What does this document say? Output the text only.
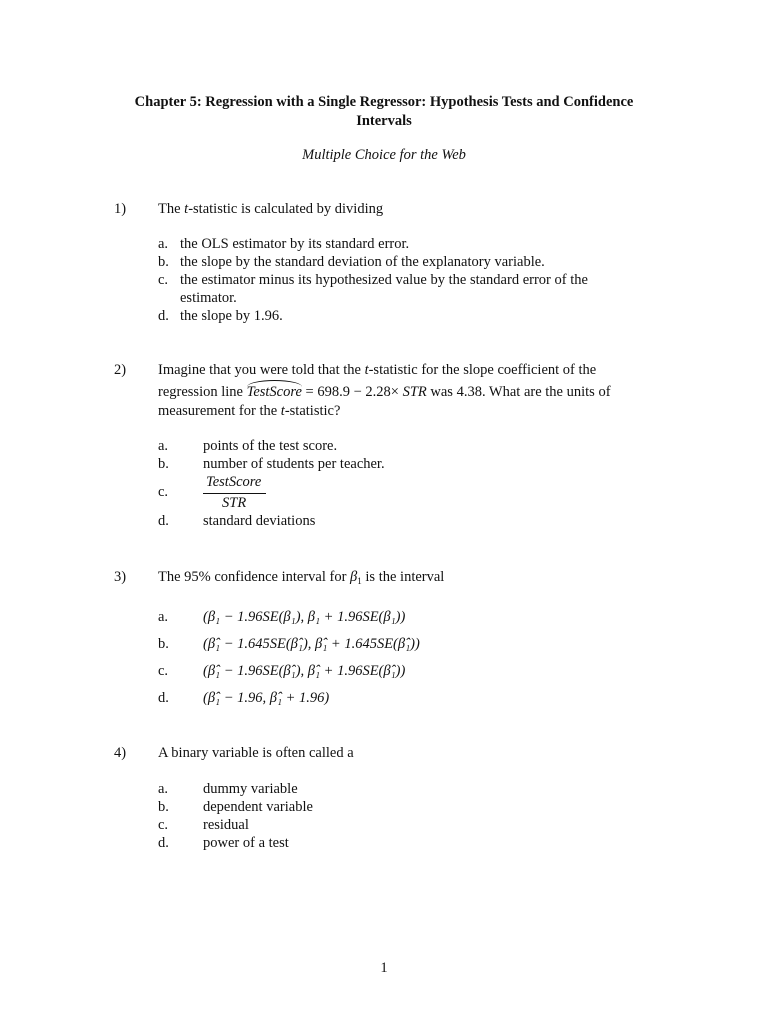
Chapter 5: Regression with a Single Regressor: Hypothesis Tests and Confidence
Intervals
Multiple Choice for the Web
1) The t-statistic is calculated by dividing
a. the OLS estimator by its standard error.
b. the slope by the standard deviation of the explanatory variable.
c. the estimator minus its hypothesized value by the standard error of the
estimator.
d. the slope by 1.96.
2) Imagine that you were told that the t-statistic for the slope coefficient of the
regression line TestScore = 698.9 − 2.28× STR was 4.38. What are the units of
measurement for the t-statistic?
a. points of the test score.
b. number of students per teacher.
c.
TestScore
STR
d. standard deviations
3) The 95% confidence interval for $\beta_1$ is the interval
a. (β₁ − 1.96SE(β₁), β₁ + 1.96SE(β₁))
b. (β̂₁ − 1.645SE(β̂₁), β̂₁ + 1.645SE(β̂₁))
c. (β̂₁ − 1.96SE(β̂₁), β̂₁ + 1.96SE(β̂₁))
d. (β̂₁ − 1.96, β̂₁ + 1.96)
4) A binary variable is often called a
a. dummy variable
b. dependent variable
c. residual
d. power of a test
1
